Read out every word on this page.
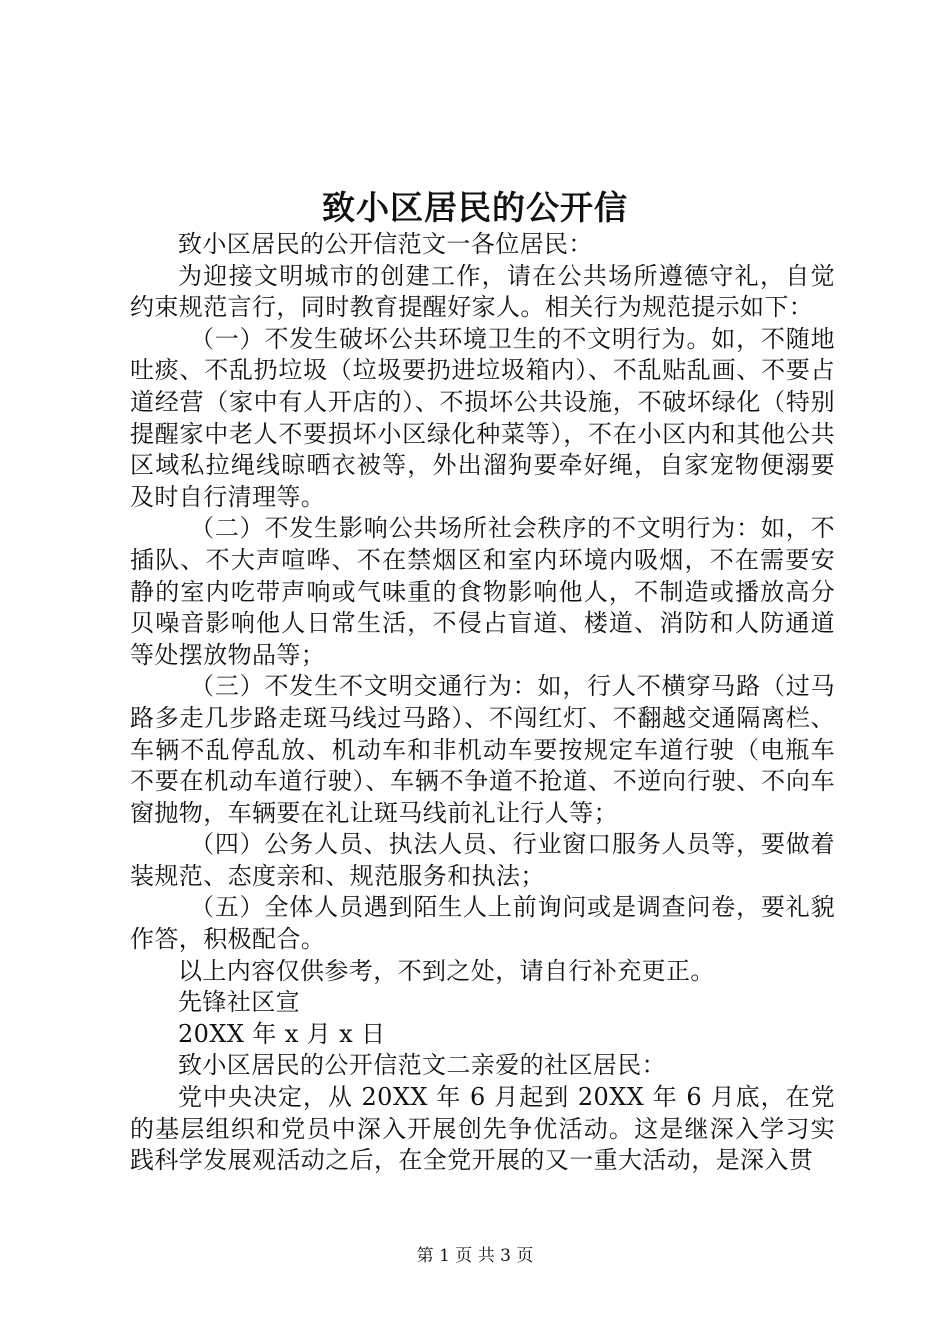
致小区居民的公开信

致小区居民的公开信范文一各位居民：

为迎接文明城市的创建工作，请在公共场所遵德守礼，自觉约束规范言行，同时教育提醒好家人。相关行为规范提示如下：

（一）不发生破坏公共环境卫生的不文明行为。如，不随地吐痰、不乱扔垃圾（垃圾要扔进垃圾箱内）、不乱贴乱画、不要占道经营（家中有人开店的）、不损坏公共设施，不破坏绿化（特别提醒家中老人不要损坏小区绿化种菜等），不在小区内和其他公共区域私拉绳线晾晒衣被等，外出溜狗要牵好绳，自家宠物便溺要及时自行清理等。

（二）不发生影响公共场所社会秩序的不文明行为：如，不插队、不大声喧哗、不在禁烟区和室内环境内吸烟，不在需要安静的室内吃带声响或气味重的食物影响他人，不制造或播放高分贝噪音影响他人日常生活，不侵占盲道、楼道、消防和人防通道等处摆放物品等；

（三）不发生不文明交通行为：如，行人不横穿马路（过马路多走几步路走斑马线过马路）、不闯红灯、不翻越交通隔离栏、车辆不乱停乱放、机动车和非机动车要按规定车道行驶（电瓶车不要在机动车道行驶）、车辆不争道不抢道、不逆向行驶、不向车窗抛物，车辆要在礼让斑马线前礼让行人等；

（四）公务人员、执法人员、行业窗口服务人员等，要做着装规范、态度亲和、规范服务和执法；

（五）全体人员遇到陌生人上前询问或是调查问卷，要礼貌作答，积极配合。

以上内容仅供参考，不到之处，请自行补充更正。

先锋社区宣

20XX 年 x 月 x 日

致小区居民的公开信范文二亲爱的社区居民：

党中央决定，从 20XX 年 6 月起到 20XX 年 6 月底，在党的基层组织和党员中深入开展创先争优活动。这是继深入学习实践科学发展观活动之后，在全党开展的又一重大活动，是深入贯

第 1 页 共 3 页
